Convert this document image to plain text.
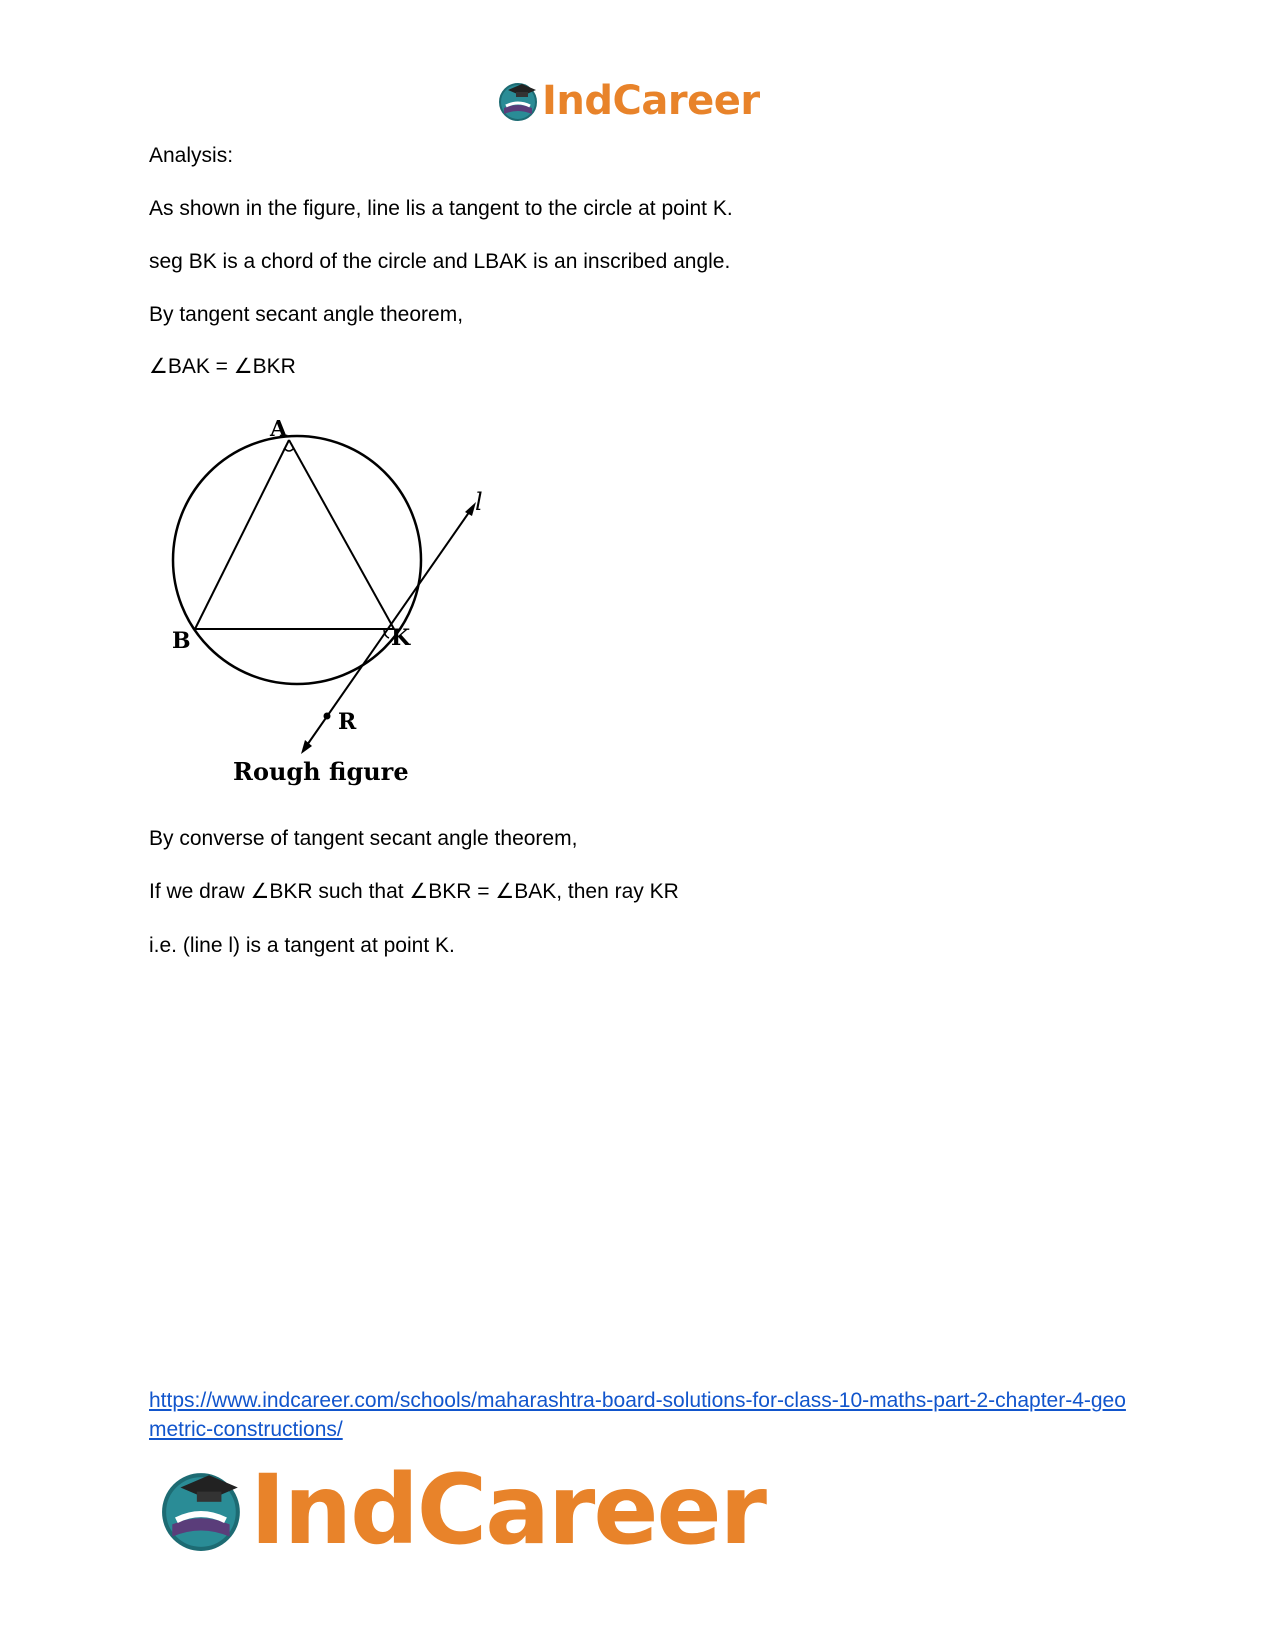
IndCareer
Analysis:
As shown in the figure, line lis a tangent to the circle at point K.
seg BK is a chord of the circle and LBAK is an inscribed angle.
By tangent secant angle theorem,
∠BAK = ∠BKR
A
B	K
R
l
Rough figure
By converse of tangent secant angle theorem,
If we draw ∠BKR such that ∠BKR = ∠BAK, then ray KR
i.e. (line l) is a tangent at point K.
https://www.indcareer.com/schools/maharashtra-board-solutions-for-class-10-maths-part-2-chapter-4-geometric-constructions/
IndCareer
